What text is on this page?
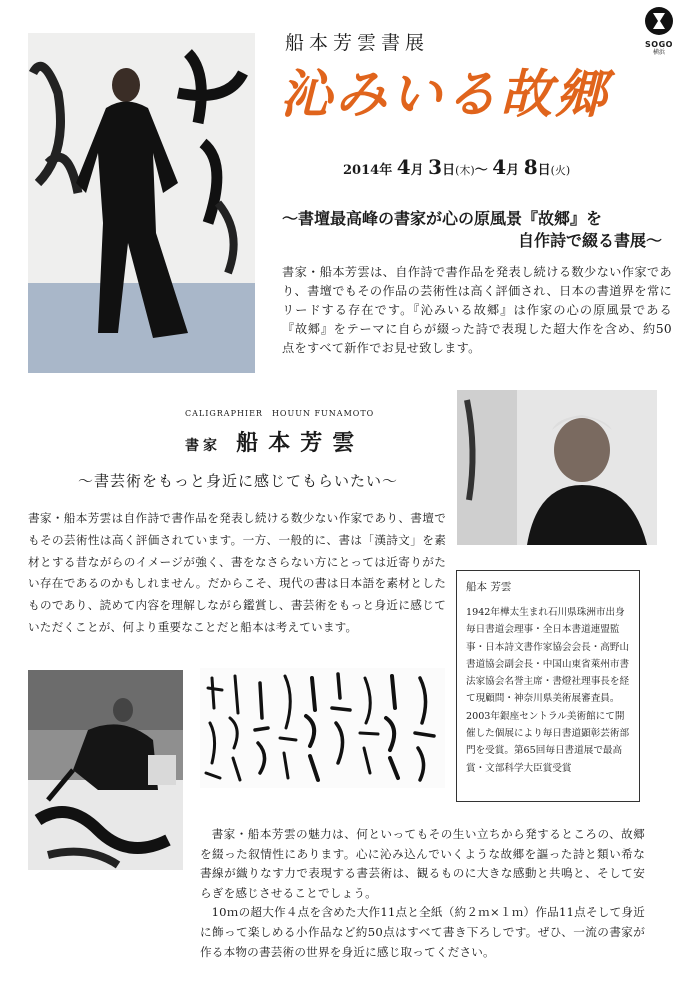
SOGO
横浜
船本芳雲書展
沁みいる故郷
2014年 4月 3日(木)〜 4月 8日(火)
〜書壇最高峰の書家が心の原風景『故郷』を
自作詩で綴る書展〜
書家・船本芳雲は、自作詩で書作品を発表し続ける数少ない作家であり、書壇でもその作品の芸術性は高く評価され、日本の書道界を常にリードする存在です。『沁みいる故郷』は作家の心の原風景である『故郷』をテーマに自らが綴った詩で表現した超大作を含め、約50点をすべて新作でお見せ致します。
CALIGRAPHIER　HOUUN FUNAMOTO
書家 船本芳雲
〜書芸術をもっと身近に感じてもらいたい〜
書家・船本芳雲は自作詩で書作品を発表し続ける数少ない作家であり、書壇でもその芸術性は高く評価されています。一方、一般的に、書は「漢詩文」を素材とする昔ながらのイメージが強く、書をなさらない方にとっては近寄りがたい存在であるのかもしれません。だからこそ、現代の書は日本語を素材としたものであり、読めて内容を理解しながら鑑賞し、書芸術をもっと身近に感じていただくことが、何より重要なことだと船本は考えています。
船本 芳雲
1942年樺太生まれ石川県珠洲市出身 毎日書道会理事・全日本書道連盟監事・日本詩文書作家協会会長・高野山書道協会副会長・中国山東省萊州市書法家協会名誉主席・書燈社理事長を経て現顧問・神奈川県美術展審査員。2003年銀座セントラル美術館にて開催した個展により毎日書道顕彰芸術部門を受賞。第65回毎日書道展で最高賞・文部科学大臣賞受賞
書家・船本芳雲の魅力は、何といってもその生い立ちから発するところの、故郷を綴った叙情性にあります。心に沁み込んでいくような故郷を謳った詩と類い希な書線が織りなす力で表現する書芸術は、観るものに大きな感動と共鳴と、そして安らぎを感じさせることでしょう。
10ｍの超大作４点を含めた大作11点と全紙（約２ｍ×１ｍ）作品11点そして身近に飾って楽しめる小作品など約50点はすべて書き下ろしです。ぜひ、一流の書家が作る本物の書芸術の世界を身近に感じ取ってください。
